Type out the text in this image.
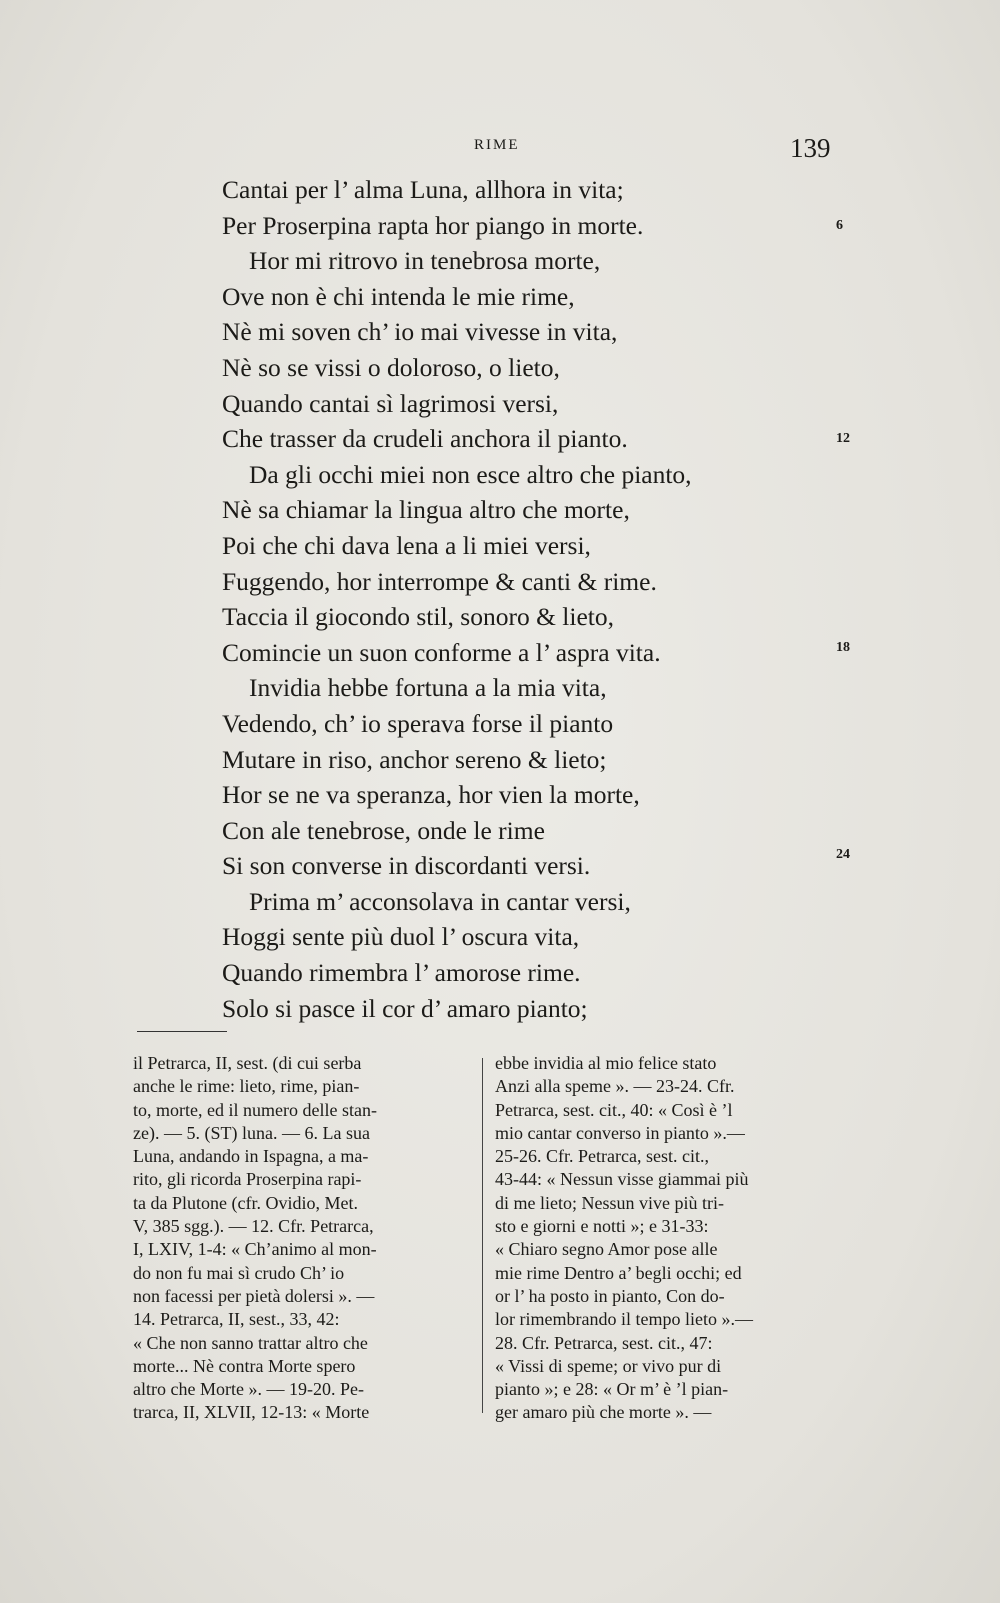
RIME	139
Cantai per l’ alma Luna, allhora in vita;
Per Proserpina rapta hor piango in morte.
Hor mi ritrovo in tenebrosa morte,
Ove non è chi intenda le mie rime,
Nè mi soven ch’ io mai vivesse in vita,
Nè so se vissi o doloroso, o lieto,
Quando cantai sì lagrimosi versi,
Che trasser da crudeli anchora il pianto.
Da gli occhi miei non esce altro che pianto,
Nè sa chiamar la lingua altro che morte,
Poi che chi dava lena a li miei versi,
Fuggendo, hor interrompe & canti & rime.
Taccia il giocondo stil, sonoro & lieto,
Comincie un suon conforme a l’ aspra vita.
Invidia hebbe fortuna a la mia vita,
Vedendo, ch’ io sperava forse il pianto
Mutare in riso, anchor sereno & lieto;
Hor se ne va speranza, hor vien la morte,
Con ale tenebrose, onde le rime
Si son converse in discordanti versi.
Prima m’ acconsolava in cantar versi,
Hoggi sente più duol l’ oscura vita,
Quando rimembra l’ amorose rime.
Solo si pasce il cor d’ amaro pianto;
6
12
18
24
il Petrarca, II, sest. (di cui serba
anche le rime: lieto, rime, pian-
to, morte, ed il numero delle stan-
ze). — 5. (ST) luna. — 6. La sua
Luna, andando in Ispagna, a ma-
rito, gli ricorda Proserpina rapi-
ta da Plutone (cfr. Ovidio, Met.
V, 385 sgg.). — 12. Cfr. Petrarca,
I, LXIV, 1-4: « Ch’animo al mon-
do non fu mai sì crudo Ch’ io
non facessi per pietà dolersi ». —
14. Petrarca, II, sest., 33, 42:
« Che non sanno trattar altro che
morte... Nè contra Morte spero
altro che Morte ». — 19-20. Pe-
trarca, II, XLVII, 12-13: « Morte
ebbe invidia al mio felice stato
Anzi alla speme ». — 23-24. Cfr.
Petrarca, sest. cit., 40: « Così è ’l
mio cantar converso in pianto ».—
25-26. Cfr. Petrarca, sest. cit.,
43-44: « Nessun visse giammai più
di me lieto; Nessun vive più tri-
sto e giorni e notti »; e 31-33:
« Chiaro segno Amor pose alle
mie rime Dentro a’ begli occhi; ed
or l’ ha posto in pianto, Con do-
lor rimembrando il tempo lieto ».—
28. Cfr. Petrarca, sest. cit., 47:
« Vissi di speme; or vivo pur di
pianto »; e 28: « Or m’ è ’l pian-
ger amaro più che morte ». —
